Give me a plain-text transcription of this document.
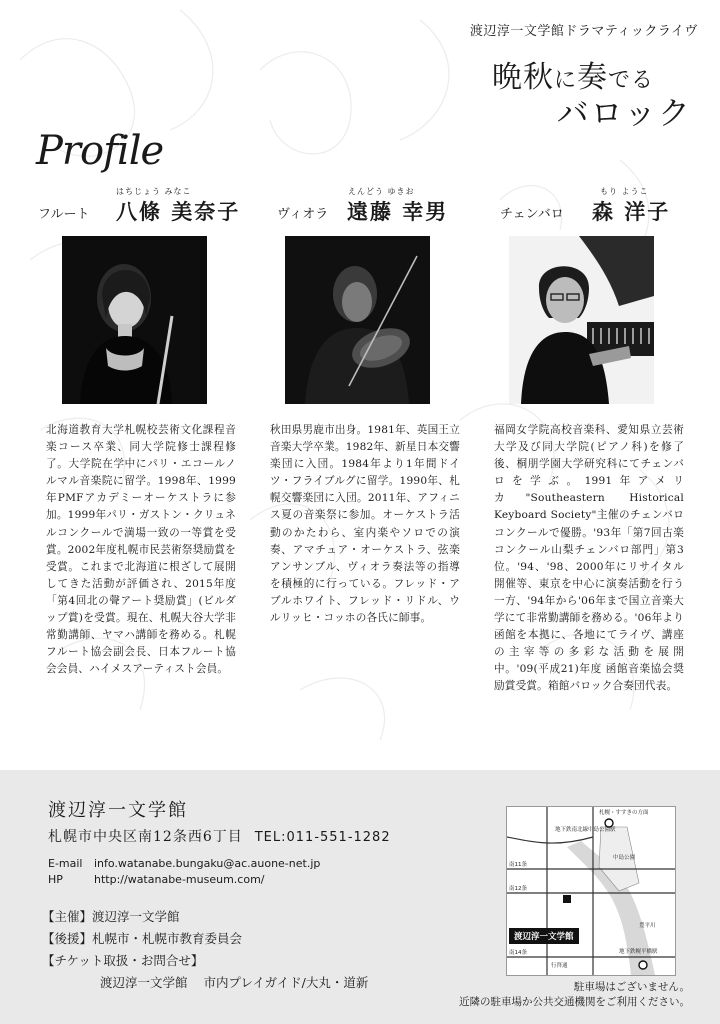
渡辺淳一文学館ドラマティックライヴ
晩秋に奏でる
バロック
Profile
フルート
はちじょう みなこ
八條 美奈子	ヴィオラ
えんどう ゆきお
遠藤 幸男	チェンバロ
もり ようこ
森 洋子
北海道教育大学札幌校芸術文化課程音楽コース卒業、同大学院修士課程修了。大学院在学中にパリ・エコールノルマル音楽院に留学。1998年、1999年PMFアカデミーオーケストラに参加。1999年パリ・ガストン・クリュネルコンクールで満場一致の一等賞を受賞。2002年度札幌市民芸術祭奨励賞を受賞。これまで北海道に根ざして展開してきた活動が評価され、2015年度「第4回北の聲アート奨励賞」(ビルダップ賞)を受賞。現在、札幌大谷大学非常勤講師、ヤマハ講師を務める。札幌フルート協会副会長、日本フルート協会会員、ハイメスアーティスト会員。
秋田県男鹿市出身。1981年、英国王立音楽大学卒業。1982年、新星日本交響楽団に入団。1984年より1年間ドイツ・フライブルグに留学。1990年、札幌交響楽団に入団。2011年、アフィニス夏の音楽祭に参加。オーケストラ活動のかたわら、室内楽やソロでの演奏、アマチュア・オーケストラ、弦楽アンサンブル、ヴィオラ奏法等の指導を積極的に行っている。フレッド・アブルホワイト、フレッド・リドル、ウルリッヒ・コッホの各氏に師事。
福岡女学院高校音楽科、愛知県立芸術大学及び同大学院(ピアノ科)を修了後、桐朋学園大学研究科にてチェンバロを学ぶ。1991年アメリカ"Southeastern Historical Keyboard Society"主催のチェンバロコンクールで優勝。'93年「第7回古楽コンクール山梨チェンバロ部門」第3位。'94、'98、2000年にリサイタル開催等、東京を中心に演奏活動を行う一方、'94年から'06年まで国立音楽大学にて非常勤講師を務める。'06年より函館を本拠に、各地にてライヴ、講座の主宰等の多彩な活動を展開中。'09(平成21)年度 函館音楽協会奨励賞受賞。箱館バロック合奏団代表。
渡辺淳一文学館
札幌市中央区南12条西6丁目 TEL:011-551-1282
E-mail info.watanabe.bungaku@ac.auone-net.jp
HP	http://watanabe-museum.com/
【主催】渡辺淳一文学館
【後援】札幌市・札幌市教育委員会
【チケット取扱・お問合せ】
渡辺淳一文学館 市内プレイガイド/大丸・道新
札幌・すすきの方面
地下鉄南北線中島公園駅
中島公園
南11条
南12条
南14条
行啓通
地下鉄幌平橋駅
豊平川
渡辺淳一文学館
駐車場はございません。
近隣の駐車場か公共交通機関をご利用ください。
